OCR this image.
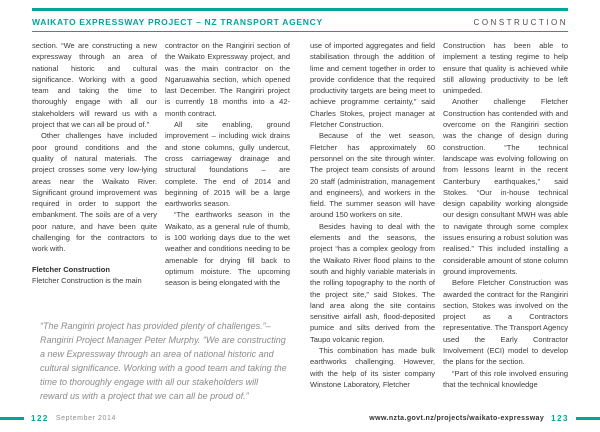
WAIKATO EXPRESSWAY PROJECT – NZ TRANSPORT AGENCY	CONSTRUCTION

section. “We are constructing a new expressway through an area of national historic and cultural significance. Working with a good team and taking the time to thoroughly engage with all our stakeholders will reward us with a project that we can all be proud of.”

Other challenges have included poor ground conditions and the quality of natural materials. The project crosses some very low-lying areas near the Waikato River. Significant ground improvement was required in order to support the embankment. The soils are of a very poor nature, and have been quite challenging for the contractors to work with.

Fletcher Construction

Fletcher Construction is the main

contractor on the Rangiriri section of the Waikato Expressway project, and was the main contractor on the Ngaruawahia section, which opened last December. The Rangiriri project is currently 18 months into a 42-month contract.

All site enabling, ground improvement – including wick drains and stone columns, gully undercut, cross carriageway drainage and structural foundations – are complete. The end of 2014 and beginning of 2015 will be a large earthworks season.

“The earthworks season in the Waikato, as a general rule of thumb, is 100 working days due to the wet weather and conditions needing to be amenable for drying fill back to optimum moisture. The upcoming season is being elongated with the

“The Rangiriri project has provided plenty of challenges.”– Rangiriri Project Manager Peter Murphy. “We are constructing a new Expressway through an area of national historic and cultural significance. Working with a good team and taking the time to thoroughly engage with all our stakeholders will reward us with a project that we can all be proud of.”

use of imported aggregates and field stabilisation through the addition of lime and cement together in order to provide confidence that the required productivity targets are being meet to achieve programme certainty,” said Charles Stokes, project manager at Fletcher Construction.

Because of the wet season, Fletcher has approximately 60 personnel on the site through winter. The project team consists of around 20 staff (administration, management and engineers), and workers in the field. The summer season will have around 150 workers on site.

Besides having to deal with the elements and the seasons, the project “has a complex geology from the Waikato River flood plains to the south and highly variable materials in the rolling topography to the north of the project site,” said Stokes. The land area along the site contains sensitive airfall ash, flood-deposited pumice and silts derived from the Taupo volcanic region.

This combination has made bulk earthworks challenging. However, with the help of its sister company Winstone Laboratory, Fletcher

Construction has been able to implement a testing regime to help ensure that quality is achieved while still allowing productivity to be left unimpeded.

Another challenge Fletcher Construction has contended with and overcome on the Rangiriri section was the change of design during construction. “The technical landscape was evolving following on from lessons learnt in the recent Canterbury earthquakes,” said Stokes. “Our in-house technical design capability working alongside our design consultant MWH was able to navigate through some complex issues ensuring a robust solution was realised.” This included installing a considerable amount of stone column ground improvements.

Before Fletcher Construction was awarded the contract for the Rangiriri section, Stokes was involved on the project as a Contractors representative. The Transport Agency used the Early Contractor Involvement (ECI) model to develop the plans for the section.

“Part of this role involved ensuring that the technical knowledge

122 September 2014	www.nzta.govt.nz/projects/waikato-expressway 123
